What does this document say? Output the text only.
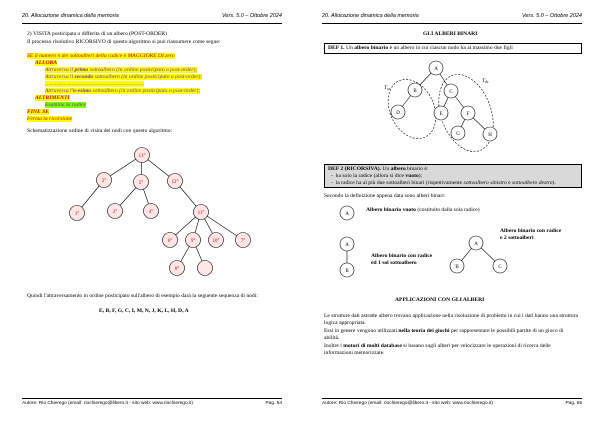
20. Allocazione dinamica della memoria	Vers. 5.0 – Ottobre 2024
2) VISITA posticipata o differita di un albero (POST-ORDER)
Il processo risolutivo RICORSIVO di questo algoritmo si può riassumere come segue:
SE il numero n dei sottoalberi della radice è MAGGIORE DI zero
ALLORA
Attraversa il primo sottoalbero (in ordine posticipato o post-order);
Attraversa il secondo sottoalbero (in ordine posticipato o post-order);
……………………………………………………
Attraversa l'n-esimo sottoalbero (in ordine posticipato o post-order);
ALTRIMENTI
Esamina la radice
FINE SE
Ferma la ricorsione
Schematizzazione ordine di visita dei nodi con questo algoritmo:
13°
3°	5°	12°
1°	2°	4°	11°
6°	9°	10°	7°
8°
Quindi l'attraversamento in ordine posticipato sull'albero di esempio darà la seguente sequenza di nodi:
E, B, F, G, C, I, M, N, J, K, L, H, D, A
Autore: Rio Chierego (email: riochierego@libero.it - sito web: www.riochierego.it)	Pag. 54
20. Allocazione dinamica della memoria	Vers. 5.0 – Ottobre 2024
GLI ALBERI BINARI
DEF 1. Un albero binario è un albero in cui ciascun nodo ha al massimo due figli
A
B	C
D	E	F
G	H
$T_{sx}$
$T_{dx}$
DEF 2 (RICORSIVA). Un albero binario è:
-  ha solo la radice (allora si dice vuoto);
-  la radice ha al più due sottoalberi binari (rispettivamente sottoalbero sinistro e sottoalbero destro).
Secondo la definizione appena data sono alberi binari:
A
A
B
A
B	C
Albero binario vuoto (costituito dalla sola radice)
Albero binario con radice
ed 1 sol sottoalbero
Albero binario con radice
e 2 sottoalberi
APPLICAZIONI CON GLI ALBERI
Le strutture dati astratte albero trovano applicazione nella risoluzione di problemi in cui i dati hanno una struttura logica appropriata.
Essi in genere vengono utilizzati nella teoria dei giochi per rappresentare le possibili partite di un gioco di abilità.
Inoltre i motori di molti database si basano sugli alberi per velocizzare le operazioni di ricerca delle informazioni memorizzate.
Autore: Rio Chierego (email: riochierego@libero.it - sito web: www.riochierego.it)	Pag. 55
